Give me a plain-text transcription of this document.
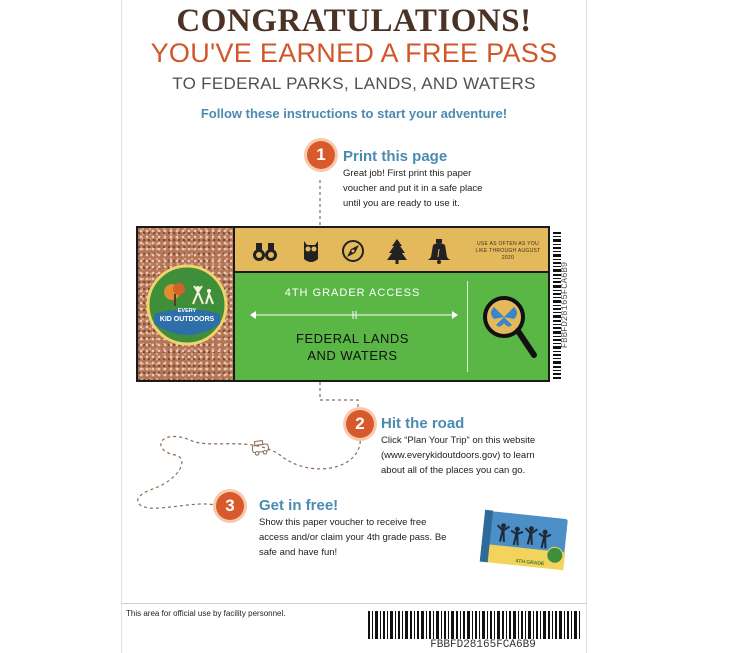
CONGRATULATIONS!
YOU'VE EARNED A FREE PASS
TO FEDERAL PARKS, LANDS, AND WATERS
Follow these instructions to start your adventure!
1	Print this page
Great job! First print this paper
voucher and put it in a safe place
until you are ready to use it.
EVERY
KID OUTDOORS
USE AS OFTEN AS YOU LIKE THROUGH AUGUST 2020
4TH GRADER ACCESS
FEDERAL LANDS
AND WATERS
FBBFD28165FCA6B9
2	Hit the road
Click “Plan Your Trip” on this website
(www.everykidoutdoors.gov) to learn
about all of the places you can go.
3	Get in free!
Show this paper voucher to receive free
access and/or claim your 4th grade pass. Be
safe and have fun!
4TH GRADE
This area for official use by facility personnel.
FBBFD28165FCA6B9
